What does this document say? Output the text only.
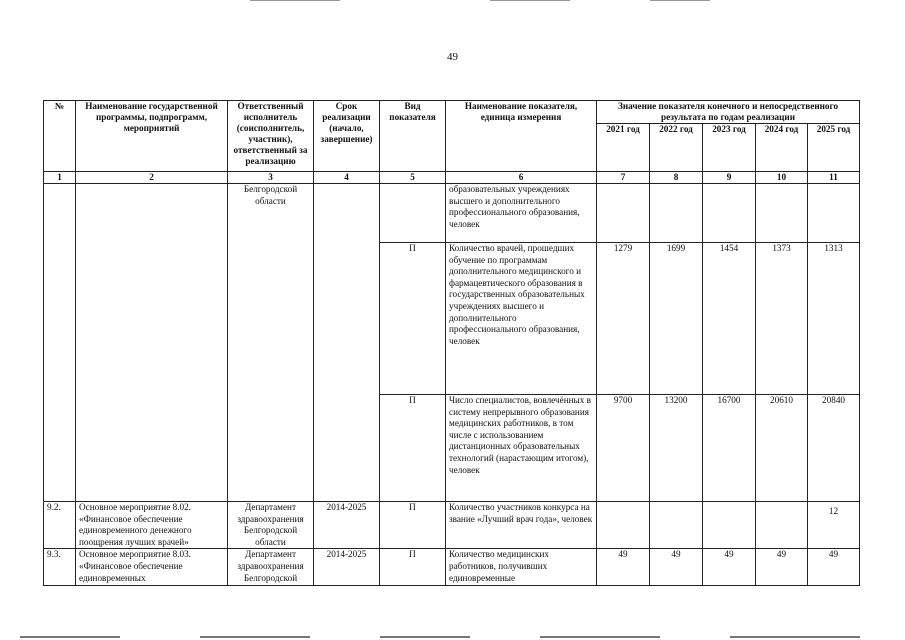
49
№	Наименование государственной программы, подпрограмм, мероприятий	Ответственный исполнитель (соисполнитель, участник), ответственный за реализацию	Срок реализации (начало, завершение)	Вид показателя	Наименование показателя, единица измерения	Значение показателя конечного и непосредственного результата по годам реализации				
						2021 год	2022 год	2023 год	2024 год	2025 год
1	2	3	4	5	6	7	8	9	10	11
		Белгородской области			образовательных учреждениях высшего и дополнительного профессионального образования, человек					
				П	Количество врачей, прошедших обучение по программам дополнительного медицинского и фармацевтического образования в государственных образовательных учреждениях высшего и дополнительного профессионального образования, человек	1279	1699	1454	1373	1313
				П	Число специалистов, вовлечённых в систему непрерывного образования медицинских работников, в том числе с использованием дистанционных образовательных технологий (нарастающим итогом), человек	9700	13200	16700	20610	20840
9.2.	Основное мероприятие 8.02. «Финансовое обеспечение единовременного денежного поощрения лучших врачей»	Департамент здравоохранения Белгородской области	2014-2025	П	Количество участников конкурса на звание «Лучший врач года», человек					12
9.3.	Основное мероприятие 8.03. «Финансовое обеспечение единовременных	Департамент здравоохранения Белгородской	2014-2025	П	Количество медицинских работников, получивших единовременные	49	49	49	49	49
